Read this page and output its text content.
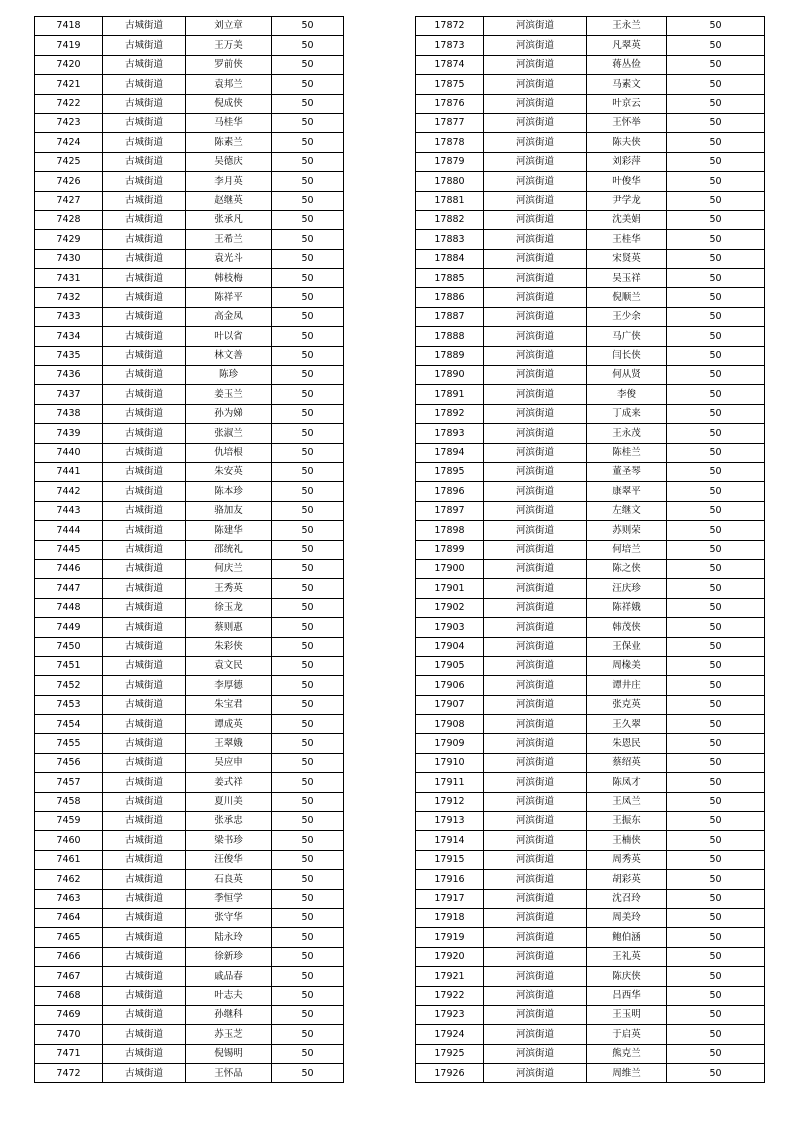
7418	古城街道	刘立章	50
7419	古城街道	王万美	50
7420	古城街道	罗前侠	50
7421	古城街道	袁邦兰	50
7422	古城街道	倪成侠	50
7423	古城街道	马桂华	50
7424	古城街道	陈素兰	50
7425	古城街道	吴德庆	50
7426	古城街道	李月英	50
7427	古城街道	赵继英	50
7428	古城街道	张承凡	50
7429	古城街道	王希兰	50
7430	古城街道	袁光斗	50
7431	古城街道	韩枝梅	50
7432	古城街道	陈祥平	50
7433	古城街道	高金凤	50
7434	古城街道	叶以省	50
7435	古城街道	林文善	50
7436	古城街道	陈珍	50
7437	古城街道	姜玉兰	50
7438	古城街道	孙为娣	50
7439	古城街道	张淑兰	50
7440	古城街道	仇培根	50
7441	古城街道	朱安英	50
7442	古城街道	陈本珍	50
7443	古城街道	骆加友	50
7444	古城街道	陈建华	50
7445	古城街道	邵统礼	50
7446	古城街道	何庆兰	50
7447	古城街道	王秀英	50
7448	古城街道	徐玉龙	50
7449	古城街道	蔡则惠	50
7450	古城街道	朱彩侠	50
7451	古城街道	袁文民	50
7452	古城街道	李厚德	50
7453	古城街道	朱宝君	50
7454	古城街道	谭成英	50
7455	古城街道	王翠娥	50
7456	古城街道	吴应申	50
7457	古城街道	姜式祥	50
7458	古城街道	夏川美	50
7459	古城街道	张承忠	50
7460	古城街道	梁书珍	50
7461	古城街道	汪俊华	50
7462	古城街道	石良英	50
7463	古城街道	季恒学	50
7464	古城街道	张守华	50
7465	古城街道	陆永玲	50
7466	古城街道	徐新珍	50
7467	古城街道	戚品春	50
7468	古城街道	叶志夫	50
7469	古城街道	孙继科	50
7470	古城街道	苏玉芝	50
7471	古城街道	倪锡明	50
7472	古城街道	王怀品	50
17872	河滨街道	王永兰	50
17873	河滨街道	凡翠英	50
17874	河滨街道	蒋丛俭	50
17875	河滨街道	马素文	50
17876	河滨街道	叶京云	50
17877	河滨街道	王怀举	50
17878	河滨街道	陈夫侠	50
17879	河滨街道	刘彩萍	50
17880	河滨街道	叶俊华	50
17881	河滨街道	尹学龙	50
17882	河滨街道	沈美娟	50
17883	河滨街道	王桂华	50
17884	河滨街道	宋贤英	50
17885	河滨街道	吴玉祥	50
17886	河滨街道	倪顺兰	50
17887	河滨街道	王少余	50
17888	河滨街道	马广侠	50
17889	河滨街道	闫长侠	50
17890	河滨街道	何从贤	50
17891	河滨街道	李俊	50
17892	河滨街道	丁成来	50
17893	河滨街道	王永茂	50
17894	河滨街道	陈桂兰	50
17895	河滨街道	董圣琴	50
17896	河滨街道	康翠平	50
17897	河滨街道	左继文	50
17898	河滨街道	苏则荣	50
17899	河滨街道	何培兰	50
17900	河滨街道	陈之侠	50
17901	河滨街道	汪庆珍	50
17902	河滨街道	陈祥娥	50
17903	河滨街道	韩茂侠	50
17904	河滨街道	王保业	50
17905	河滨街道	周椽美	50
17906	河滨街道	谭井庄	50
17907	河滨街道	张克英	50
17908	河滨街道	王久翠	50
17909	河滨街道	朱恩民	50
17910	河滨街道	蔡绍英	50
17911	河滨街道	陈凤才	50
17912	河滨街道	王凤兰	50
17913	河滨街道	王振东	50
17914	河滨街道	王楠侠	50
17915	河滨街道	周秀英	50
17916	河滨街道	胡彩英	50
17917	河滨街道	沈召玲	50
17918	河滨街道	周美玲	50
17919	河滨街道	鲍伯涵	50
17920	河滨街道	王礼英	50
17921	河滨街道	陈庆侠	50
17922	河滨街道	吕西华	50
17923	河滨街道	王玉明	50
17924	河滨街道	于启英	50
17925	河滨街道	熊克兰	50
17926	河滨街道	周维兰	50
